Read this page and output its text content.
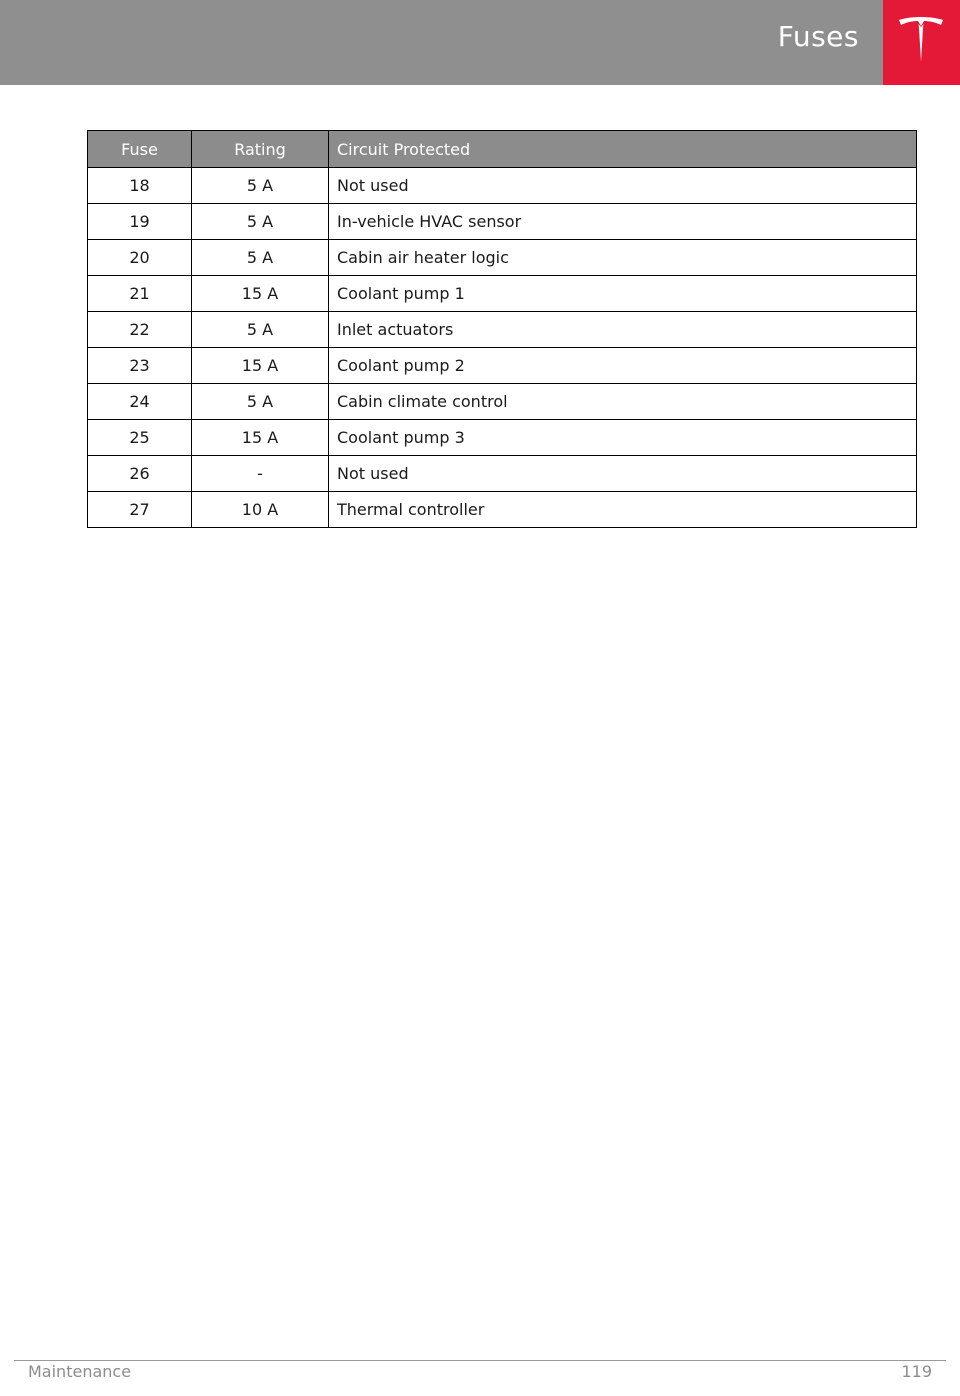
Fuses
Fuse	Rating	Circuit Protected
18	5 A	Not used
19	5 A	In-vehicle HVAC sensor
20	5 A	Cabin air heater logic
21	15 A	Coolant pump 1
22	5 A	Inlet actuators
23	15 A	Coolant pump 2
24	5 A	Cabin climate control
25	15 A	Coolant pump 3
26	-	Not used
27	10 A	Thermal controller
Maintenance	119
